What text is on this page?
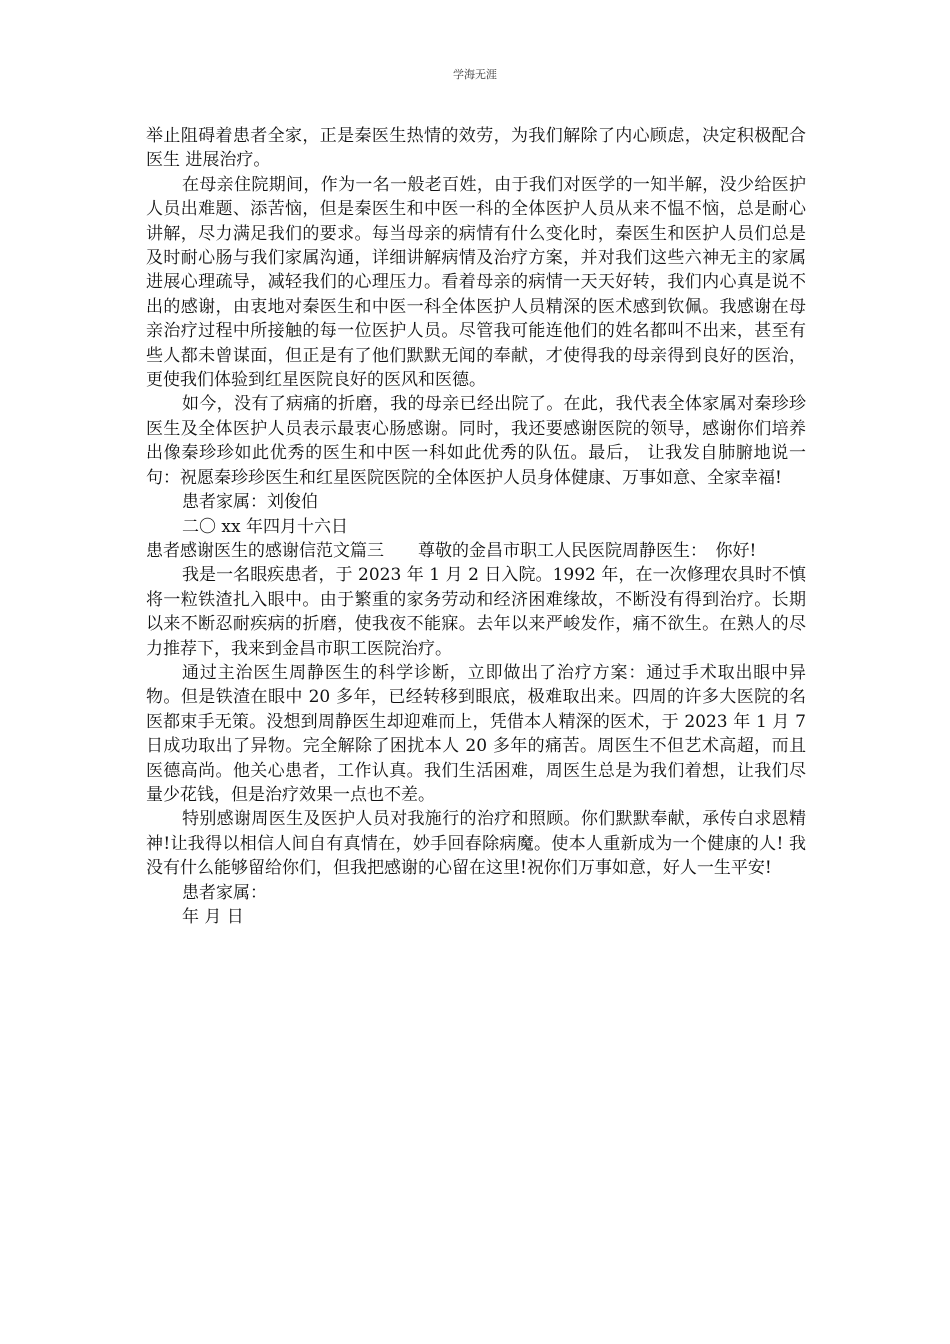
学海无涯

举止阻碍着患者全家，正是秦医生热情的效劳，为我们解除了内心顾虑，决定积极配合医生 进展治疗。

在母亲住院期间，作为一名一般老百姓，由于我们对医学的一知半解，没少给医护人员出难题、添苦恼，但是秦医生和中医一科的全体医护人员从来不愠不恼，总是耐心讲解，尽力满足我们的要求。每当母亲的病情有什么变化时，秦医生和医护人员们总是及时耐心肠与我们家属沟通，详细讲解病情及治疗方案，并对我们这些六神无主的家属进展心理疏导，减轻我们的心理压力。看着母亲的病情一天天好转，我们内心真是说不出的感谢，由衷地对秦医生和中医一科全体医护人员精深的医术感到钦佩。我感谢在母亲治疗过程中所接触的每一位医护人员。尽管我可能连他们的姓名都叫不出来，甚至有些人都未曾谋面，但正是有了他们默默无闻的奉献，才使得我的母亲得到良好的医治，更使我们体验到红星医院良好的医风和医德。

如今，没有了病痛的折磨，我的母亲已经出院了。在此，我代表全体家属对秦珍珍医生及全体医护人员表示最衷心肠感谢。同时，我还要感谢医院的领导，感谢你们培养出像秦珍珍如此优秀的医生和中医一科如此优秀的队伍。最后， 让我发自肺腑地说一句：祝愿秦珍珍医生和红星医院医院的全体医护人员身体健康、万事如意、全家幸福!

患者家属：刘俊伯

二〇 xx 年四月十六日

患者感谢医生的感谢信范文篇三　　尊敬的金昌市职工人民医院周静医生：　你好!

我是一名眼疾患者，于 2023 年 1 月 2 日入院。1992 年，在一次修理农具时不慎将一粒铁渣扎入眼中。由于繁重的家务劳动和经济困难缘故，不断没有得到治疗。长期以来不断忍耐疾病的折磨，使我夜不能寐。去年以来严峻发作，痛不欲生。在熟人的尽力推荐下，我来到金昌市职工医院治疗。

通过主治医生周静医生的科学诊断，立即做出了治疗方案：通过手术取出眼中异物。但是铁渣在眼中 20 多年，已经转移到眼底，极难取出来。四周的许多大医院的名医都束手无策。没想到周静医生却迎难而上，凭借本人精深的医术，于 2023 年 1 月 7 日成功取出了异物。完全解除了困扰本人 20 多年的痛苦。周医生不但艺术高超，而且医德高尚。他关心患者，工作认真。我们生活困难，周医生总是为我们着想，让我们尽量少花钱，但是治疗效果一点也不差。

特别感谢周医生及医护人员对我施行的治疗和照顾。你们默默奉献，承传白求恩精神!让我得以相信人间自有真情在，妙手回春除病魔。使本人重新成为一个健康的人! 我没有什么能够留给你们，但我把感谢的心留在这里!祝你们万事如意，好人一生平安!

患者家属：

年 月 日
